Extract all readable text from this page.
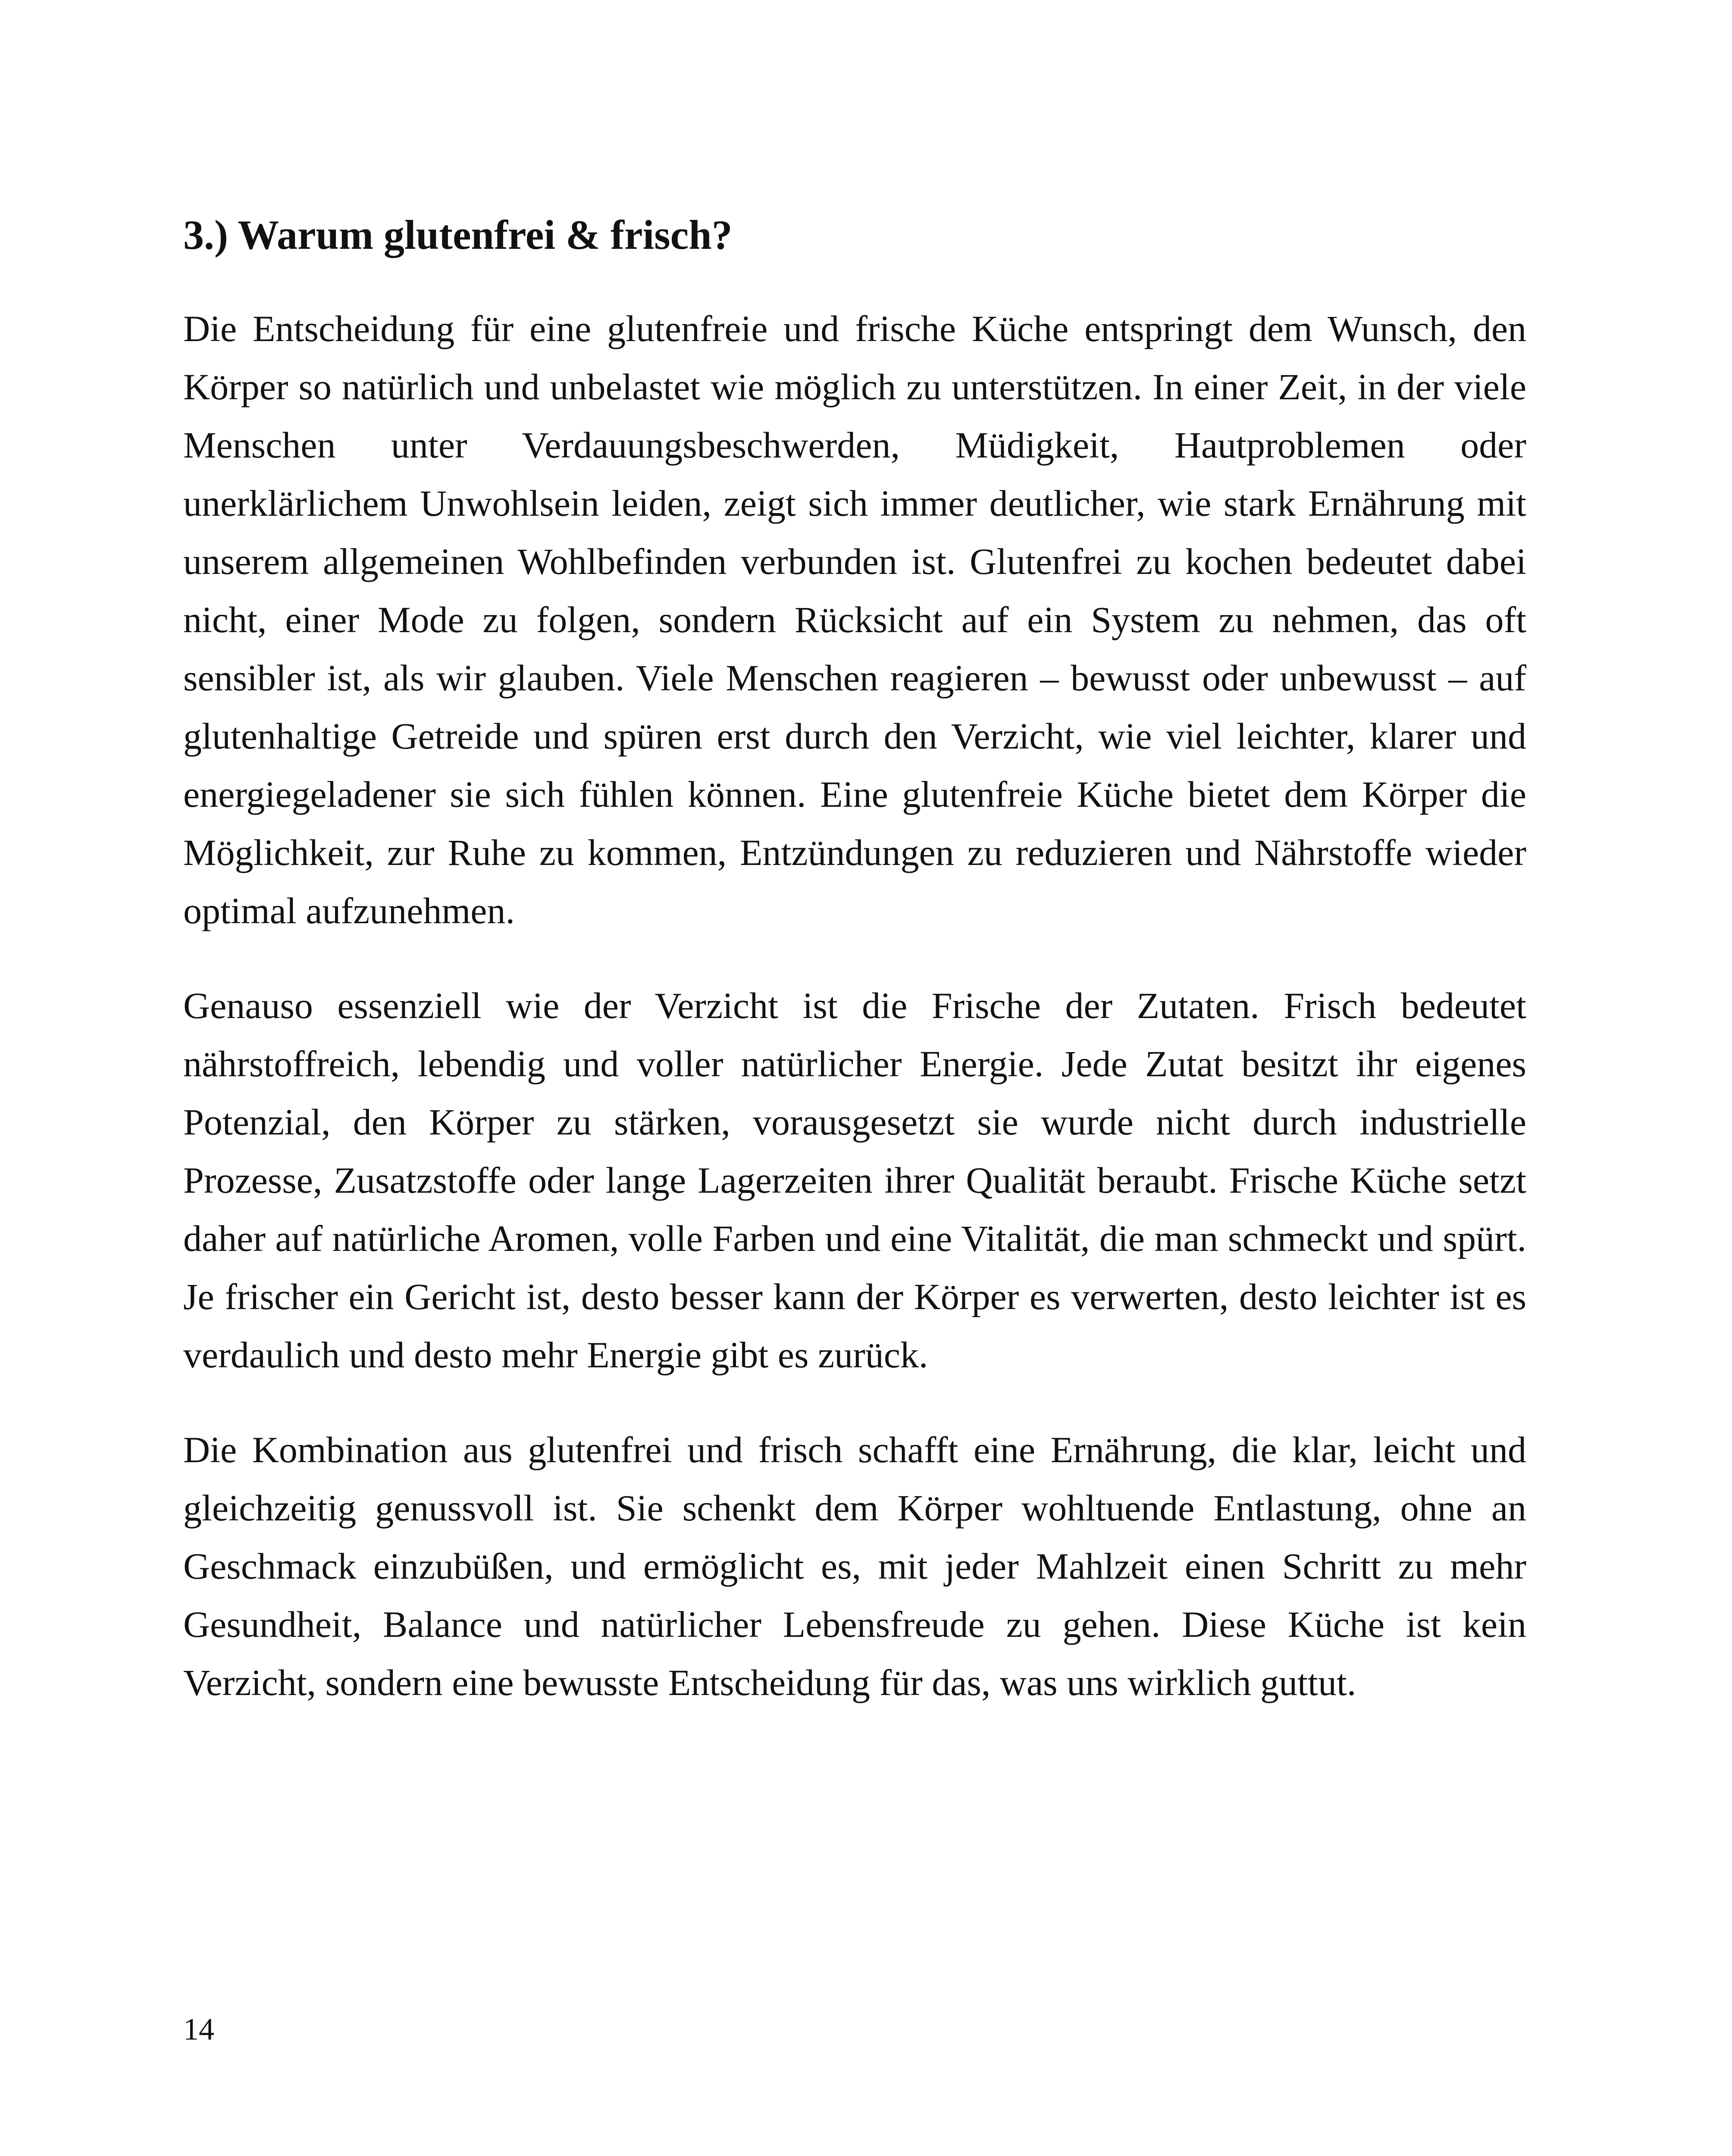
3.) Warum glutenfrei & frisch?

Die Entscheidung für eine glutenfreie und frische Küche entspringt dem Wunsch, den Körper so natürlich und unbelastet wie möglich zu unterstützen. In einer Zeit, in der viele Menschen unter Verdauungsbeschwerden, Müdigkeit, Hautproblemen oder unerklärlichem Unwohlsein leiden, zeigt sich immer deutlicher, wie stark Ernährung mit unserem allgemeinen Wohlbefinden verbunden ist. Glutenfrei zu kochen bedeutet dabei nicht, einer Mode zu folgen, sondern Rücksicht auf ein System zu nehmen, das oft sensibler ist, als wir glauben. Viele Menschen reagieren – bewusst oder unbewusst – auf glutenhaltige Getreide und spüren erst durch den Verzicht, wie viel leichter, klarer und energiegeladener sie sich fühlen können. Eine glutenfreie Küche bietet dem Körper die Möglichkeit, zur Ruhe zu kommen, Entzündungen zu reduzieren und Nährstoffe wieder optimal aufzunehmen.

Genauso essenziell wie der Verzicht ist die Frische der Zutaten. Frisch bedeutet nährstoffreich, lebendig und voller natürlicher Energie. Jede Zutat besitzt ihr eigenes Potenzial, den Körper zu stärken, vorausgesetzt sie wurde nicht durch industrielle Prozesse, Zusatzstoffe oder lange Lagerzeiten ihrer Qualität beraubt. Frische Küche setzt daher auf natürliche Aromen, volle Farben und eine Vitalität, die man schmeckt und spürt. Je frischer ein Gericht ist, desto besser kann der Körper es verwerten, desto leichter ist es verdaulich und desto mehr Energie gibt es zurück.

Die Kombination aus glutenfrei und frisch schafft eine Ernährung, die klar, leicht und gleichzeitig genussvoll ist. Sie schenkt dem Körper wohltuende Entlastung, ohne an Geschmack einzubüßen, und ermöglicht es, mit jeder Mahlzeit einen Schritt zu mehr Gesundheit, Balance und natürlicher Lebensfreude zu gehen. Diese Küche ist kein Verzicht, sondern eine bewusste Entscheidung für das, was uns wirklich guttut.

14
